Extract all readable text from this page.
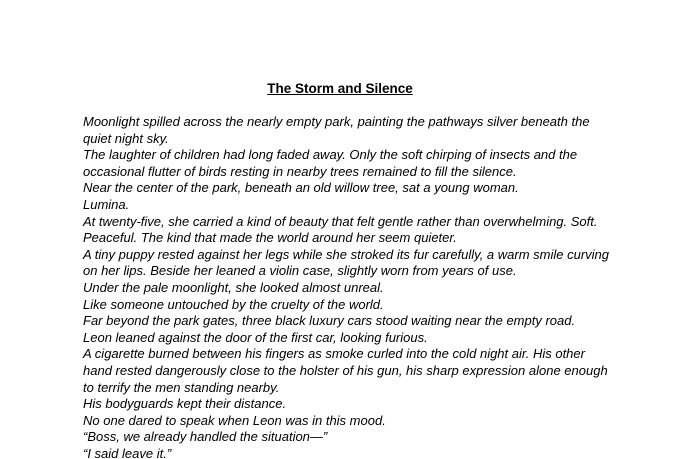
The Storm and Silence
Moonlight spilled across the nearly empty park, painting the pathways silver beneath the
quiet night sky.
The laughter of children had long faded away. Only the soft chirping of insects and the
occasional flutter of birds resting in nearby trees remained to fill the silence.
Near the center of the park, beneath an old willow tree, sat a young woman.
Lumina.
At twenty-five, she carried a kind of beauty that felt gentle rather than overwhelming. Soft.
Peaceful. The kind that made the world around her seem quieter.
A tiny puppy rested against her legs while she stroked its fur carefully, a warm smile curving
on her lips. Beside her leaned a violin case, slightly worn from years of use.
Under the pale moonlight, she looked almost unreal.
Like someone untouched by the cruelty of the world.
Far beyond the park gates, three black luxury cars stood waiting near the empty road.
Leon leaned against the door of the first car, looking furious.
A cigarette burned between his fingers as smoke curled into the cold night air. His other
hand rested dangerously close to the holster of his gun, his sharp expression alone enough
to terrify the men standing nearby.
His bodyguards kept their distance.
No one dared to speak when Leon was in this mood.
“Boss, we already handled the situation—”
“I said leave it.”
